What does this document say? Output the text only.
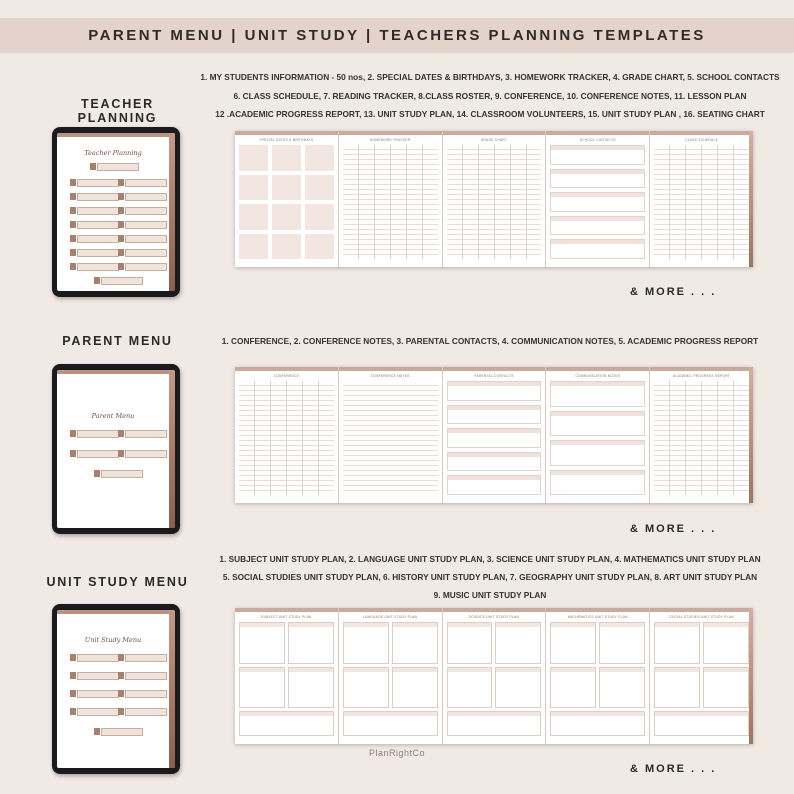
PARENT MENU | UNIT STUDY | TEACHERS PLANNING TEMPLATES
TEACHER PLANNING
1. MY STUDENTS INFORMATION - 50 nos, 2. SPECIAL DATES & BIRTHDAYS, 3. HOMEWORK TRACKER, 4. GRADE CHART, 5. SCHOOL CONTACTS
6. CLASS SCHEDULE, 7. READING TRACKER, 8.CLASS ROSTER, 9. CONFERENCE, 10. CONFERENCE NOTES, 11. LESSON PLAN
12 .ACADEMIC PROGRESS REPORT, 13. UNIT STUDY PLAN, 14. CLASSROOM VOLUNTEERS, 15. UNIT STUDY PLAN , 16. SEATING CHART
Teacher Planning
SPECIAL DATES & BIRTHDAYS	HOMEWORK TRACKER	GRADE CHART	SCHOOL CONTACTS	CLASS SCHEDULE
& MORE . . .
PARENT MENU	1. CONFERENCE, 2. CONFERENCE NOTES, 3. PARENTAL CONTACTS, 4. COMMUNICATION NOTES, 5. ACADEMIC PROGRESS REPORT
Parent Menu
CONFERENCE	CONFERENCE NOTES	PARENTAL CONTACTS	COMMUNICATION NOTES	ACADEMIC PROGRESS REPORT
& MORE . . .
UNIT STUDY MENU
1. SUBJECT UNIT STUDY PLAN, 2. LANGUAGE UNIT STUDY PLAN, 3. SCIENCE UNIT STUDY PLAN, 4. MATHEMATICS UNIT STUDY PLAN
5. SOCIAL STUDIES UNIT STUDY PLAN, 6. HISTORY UNIT STUDY PLAN, 7. GEOGRAPHY UNIT STUDY PLAN, 8. ART UNIT STUDY PLAN
9. MUSIC UNIT STUDY PLAN
Unit Study Menu
SUBJECT UNIT STUDY PLAN	LANGUAGE UNIT STUDY PLAN	SCIENCE UNIT STUDY PLAN	MATHEMATICS UNIT STUDY PLAN	SOCIAL STUDIES UNIT STUDY PLAN
& MORE . . .
PlanRightCo
